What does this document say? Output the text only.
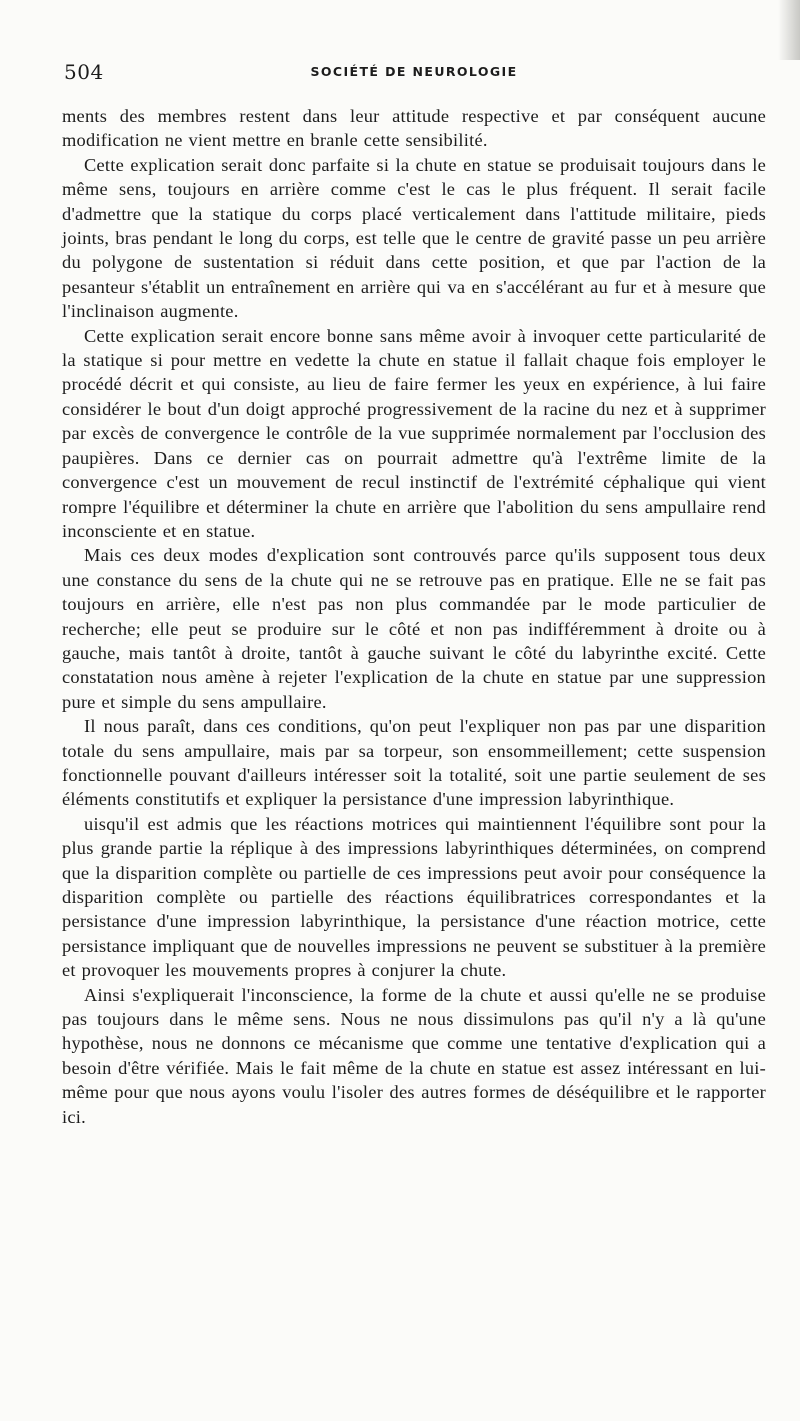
504	SOCIÉTÉ DE NEUROLOGIE

ments des membres restent dans leur attitude respective et par conséquent aucune modification ne vient mettre en branle cette sensibilité.

Cette explication serait donc parfaite si la chute en statue se produisait toujours dans le même sens, toujours en arrière comme c'est le cas le plus fréquent. Il serait facile d'admettre que la statique du corps placé verticalement dans l'attitude militaire, pieds joints, bras pendant le long du corps, est telle que le centre de gravité passe un peu arrière du polygone de sustentation si réduit dans cette position, et que par l'action de la pesanteur s'établit un entraînement en arrière qui va en s'accélérant au fur et à mesure que l'inclinaison augmente.

Cette explication serait encore bonne sans même avoir à invoquer cette particularité de la statique si pour mettre en vedette la chute en statue il fallait chaque fois employer le procédé décrit et qui consiste, au lieu de faire fermer les yeux en expérience, à lui faire considérer le bout d'un doigt approché progressivement de la racine du nez et à supprimer par excès de convergence le contrôle de la vue supprimée normalement par l'occlusion des paupières. Dans ce dernier cas on pourrait admettre qu'à l'extrême limite de la convergence c'est un mouvement de recul instinctif de l'extrémité céphalique qui vient rompre l'équilibre et déterminer la chute en arrière que l'abolition du sens ampullaire rend inconsciente et en statue.

Mais ces deux modes d'explication sont controuvés parce qu'ils supposent tous deux une constance du sens de la chute qui ne se retrouve pas en pratique. Elle ne se fait pas toujours en arrière, elle n'est pas non plus commandée par le mode particulier de recherche; elle peut se produire sur le côté et non pas indifféremment à droite ou à gauche, mais tantôt à droite, tantôt à gauche suivant le côté du labyrinthe excité. Cette constatation nous amène à rejeter l'explication de la chute en statue par une suppression pure et simple du sens ampullaire.

Il nous paraît, dans ces conditions, qu'on peut l'expliquer non pas par une disparition totale du sens ampullaire, mais par sa torpeur, son ensommeillement; cette suspension fonctionnelle pouvant d'ailleurs intéresser soit la totalité, soit une partie seulement de ses éléments constitutifs et expliquer la persistance d'une impression labyrinthique.

uisqu'il est admis que les réactions motrices qui maintiennent l'équilibre sont pour la plus grande partie la réplique à des impressions labyrinthiques déterminées, on comprend que la disparition complète ou partielle de ces impressions peut avoir pour conséquence la disparition complète ou partielle des réactions équilibratrices correspondantes et la persistance d'une impression labyrinthique, la persistance d'une réaction motrice, cette persistance impliquant que de nouvelles impressions ne peuvent se substituer à la première et provoquer les mouvements propres à conjurer la chute.

Ainsi s'expliquerait l'inconscience, la forme de la chute et aussi qu'elle ne se produise pas toujours dans le même sens. Nous ne nous dissimulons pas qu'il n'y a là qu'une hypothèse, nous ne donnons ce mécanisme que comme une tentative d'explication qui a besoin d'être vérifiée. Mais le fait même de la chute en statue est assez intéressant en lui-même pour que nous ayons voulu l'isoler des autres formes de déséquilibre et le rapporter ici.
